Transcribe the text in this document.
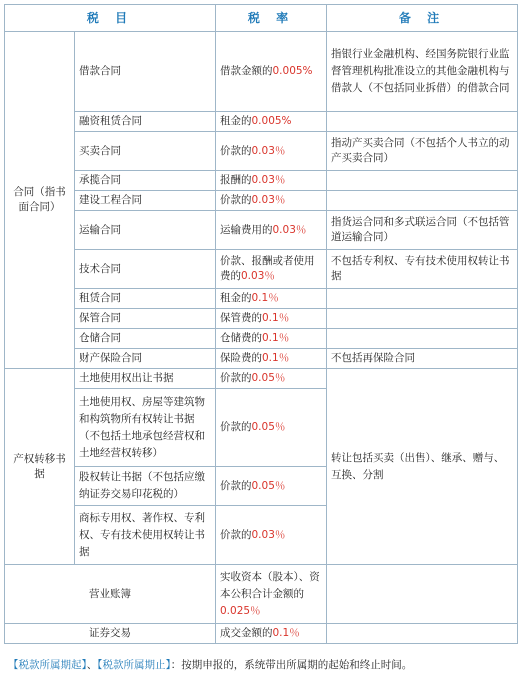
税 目		税 率	备 注
合同（指书面合同）	借款合同	借款金额的0.005%	指银行业金融机构、经国务院银行业监督管理机构批准设立的其他金融机构与借款人（不包括同业拆借）的借款合同
	融资租赁合同	租金的0.005%	
	买卖合同	价款的0.03％	指动产买卖合同（不包括个人书立的动产买卖合同）
	承揽合同	报酬的0.03％	
	建设工程合同	价款的0.03％	
	运输合同	运输费用的0.03％	指货运合同和多式联运合同（不包括管道运输合同）
	技术合同	价款、报酬或者使用费的0.03％	不包括专利权、专有技术使用权转让书据
	租赁合同	租金的0.1％	
	保管合同	保管费的0.1％	
	仓储合同	仓储费的0.1％	
	财产保险合同	保险费的0.1％	不包括再保险合同
产权转移书据	土地使用权出让书据	价款的0.05％	转让包括买卖（出售）、继承、赠与、互换、分割
	土地使用权、房屋等建筑物和构筑物所有权转让书据（不包括土地承包经营权和土地经营权转移）	价款的0.05％	
	股权转让书据（不包括应缴纳证券交易印花税的）	价款的0.05％	
	商标专用权、著作权、专利权、专有技术使用权转让书据	价款的0.03％	
营业账簿		实收资本（股本）、资本公积合计金额的0.025％	
证券交易		成交金额的0.1％	
【税款所属期起】、【税款所属期止】：按期申报的，系统带出所属期的起始和终止时间。
